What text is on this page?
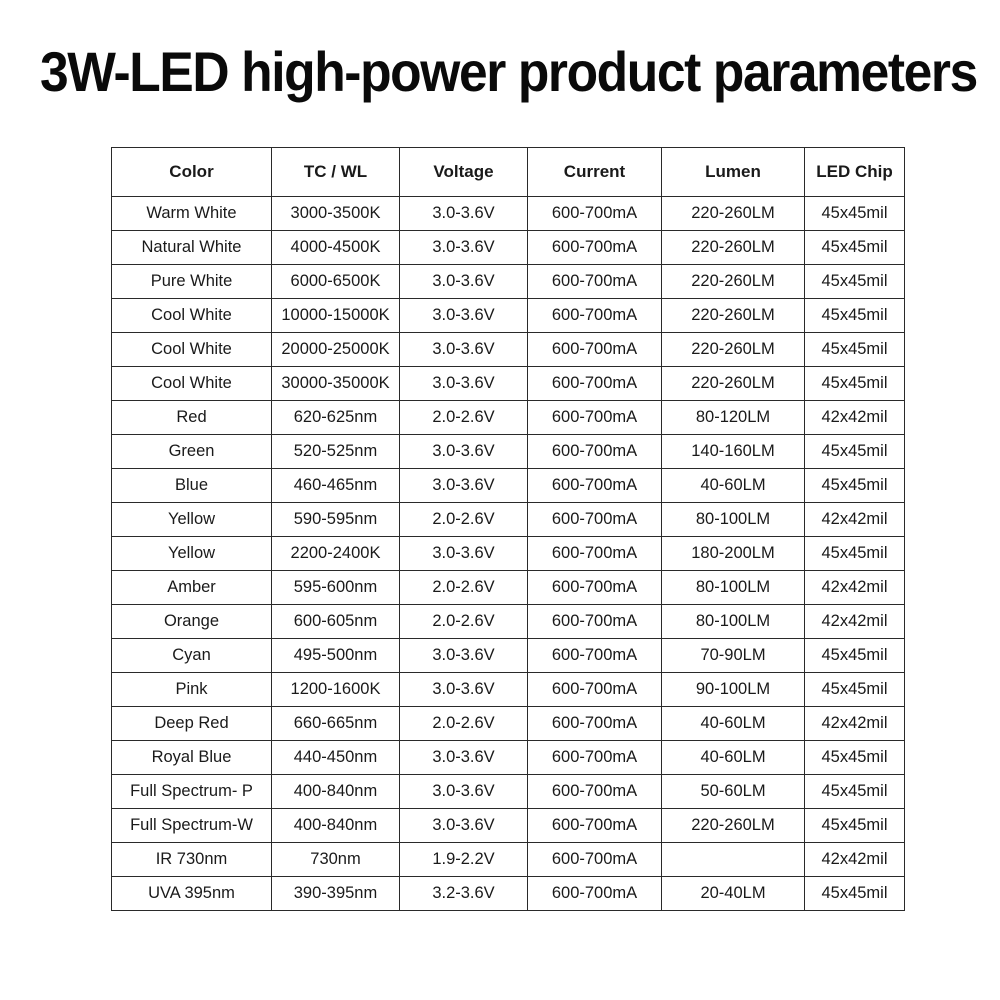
3W-LED high-power product parameters
Color	TC / WL	Voltage	Current	Lumen	LED Chip
Warm White	3000-3500K	3.0-3.6V	600-700mA	220-260LM	45x45mil
Natural White	4000-4500K	3.0-3.6V	600-700mA	220-260LM	45x45mil
Pure White	6000-6500K	3.0-3.6V	600-700mA	220-260LM	45x45mil
Cool White	10000-15000K	3.0-3.6V	600-700mA	220-260LM	45x45mil
Cool White	20000-25000K	3.0-3.6V	600-700mA	220-260LM	45x45mil
Cool White	30000-35000K	3.0-3.6V	600-700mA	220-260LM	45x45mil
Red	620-625nm	2.0-2.6V	600-700mA	80-120LM	42x42mil
Green	520-525nm	3.0-3.6V	600-700mA	140-160LM	45x45mil
Blue	460-465nm	3.0-3.6V	600-700mA	40-60LM	45x45mil
Yellow	590-595nm	2.0-2.6V	600-700mA	80-100LM	42x42mil
Yellow	2200-2400K	3.0-3.6V	600-700mA	180-200LM	45x45mil
Amber	595-600nm	2.0-2.6V	600-700mA	80-100LM	42x42mil
Orange	600-605nm	2.0-2.6V	600-700mA	80-100LM	42x42mil
Cyan	495-500nm	3.0-3.6V	600-700mA	70-90LM	45x45mil
Pink	1200-1600K	3.0-3.6V	600-700mA	90-100LM	45x45mil
Deep Red	660-665nm	2.0-2.6V	600-700mA	40-60LM	42x42mil
Royal Blue	440-450nm	3.0-3.6V	600-700mA	40-60LM	45x45mil
Full Spectrum- P	400-840nm	3.0-3.6V	600-700mA	50-60LM	45x45mil
Full Spectrum-W	400-840nm	3.0-3.6V	600-700mA	220-260LM	45x45mil
IR 730nm	730nm	1.9-2.2V	600-700mA		42x42mil
UVA 395nm	390-395nm	3.2-3.6V	600-700mA	20-40LM	45x45mil
